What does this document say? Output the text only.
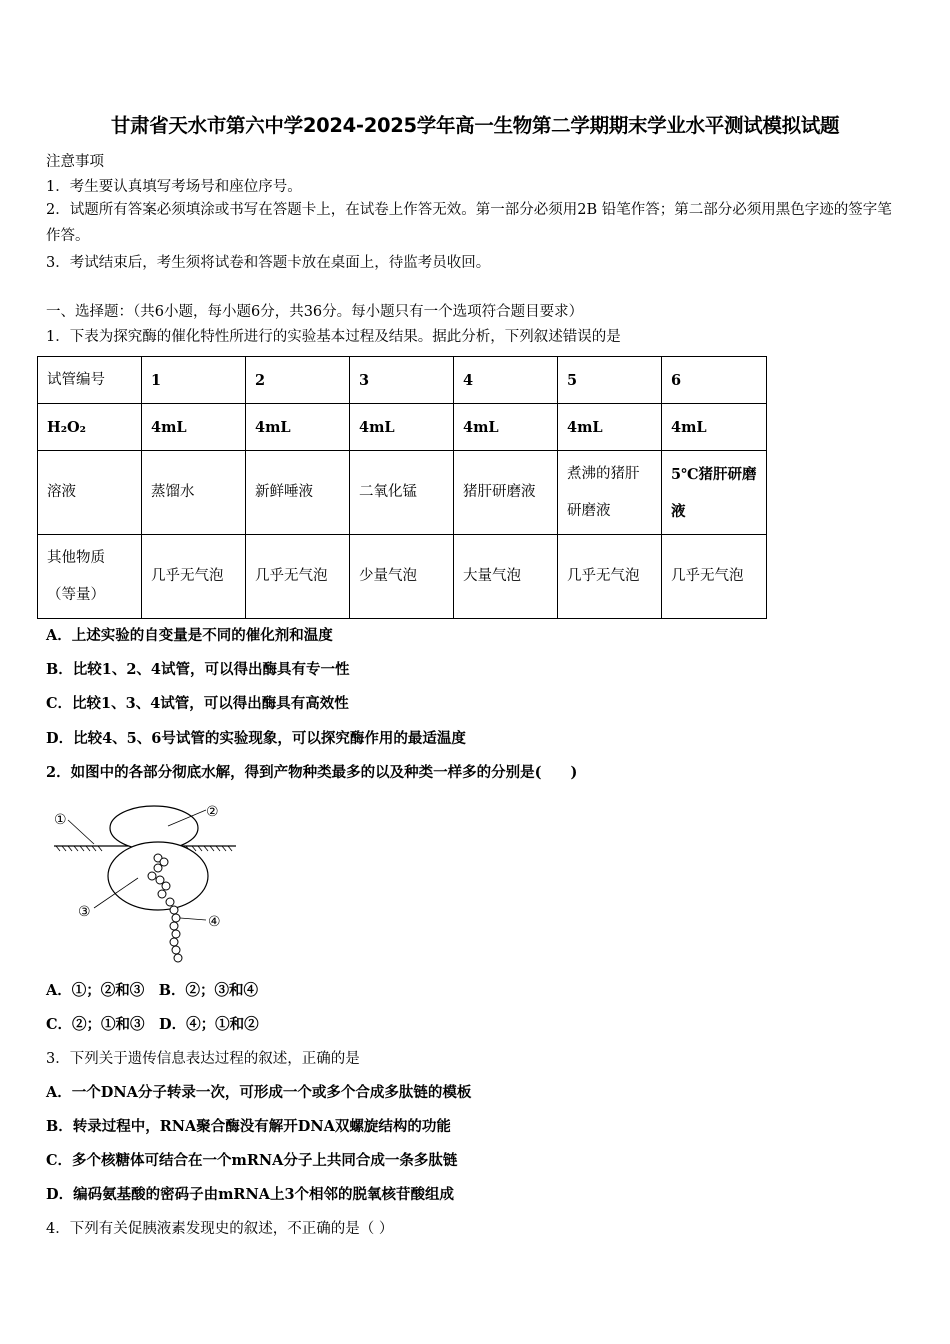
甘肃省天水市第六中学2024-2025学年高一生物第二学期期末学业水平测试模拟试题
注意事项
1．考生要认真填写考场号和座位序号。
2．试题所有答案必须填涂或书写在答题卡上，在试卷上作答无效。第一部分必须用2B 铅笔作答；第二部分必须用黑色字迹的签字笔作答。
3．考试结束后，考生须将试卷和答题卡放在桌面上，待监考员收回。
一、选择题：（共6小题，每小题6分，共36分。每小题只有一个选项符合题目要求）
1．下表为探究酶的催化特性所进行的实验基本过程及结果。据此分析，下列叙述错误的是
试管编号	1	2	3	4	5	6
H₂O₂	4mL	4mL	4mL	4mL	4mL	4mL
溶液	蒸馏水	新鲜唾液	二氧化锰	猪肝研磨液	煮沸的猪肝研磨液	5℃猪肝研磨液
其他物质（等量）	几乎无气泡	几乎无气泡	少量气泡	大量气泡	几乎无气泡	几乎无气泡
A．上述实验的自变量是不同的催化剂和温度
B．比较1、2、4试管，可以得出酶具有专一性
C．比较1、3、4试管，可以得出酶具有高效性
D．比较4、5、6号试管的实验现象，可以探究酶作用的最适温度
2．如图中的各部分彻底水解，得到产物种类最多的以及种类一样多的分别是(　　)
①	②
③
④
A．①；②和③　B．②；③和④
C．②；①和③　D．④；①和②
3．下列关于遗传信息表达过程的叙述，正确的是
A．一个DNA分子转录一次，可形成一个或多个合成多肽链的模板
B．转录过程中，RNA聚合酶没有解开DNA双螺旋结构的功能
C．多个核糖体可结合在一个mRNA分子上共同合成一条多肽链
D．编码氨基酸的密码子由mRNA上3个相邻的脱氧核苷酸组成
4．下列有关促胰液素发现史的叙述，不正确的是（ ）
